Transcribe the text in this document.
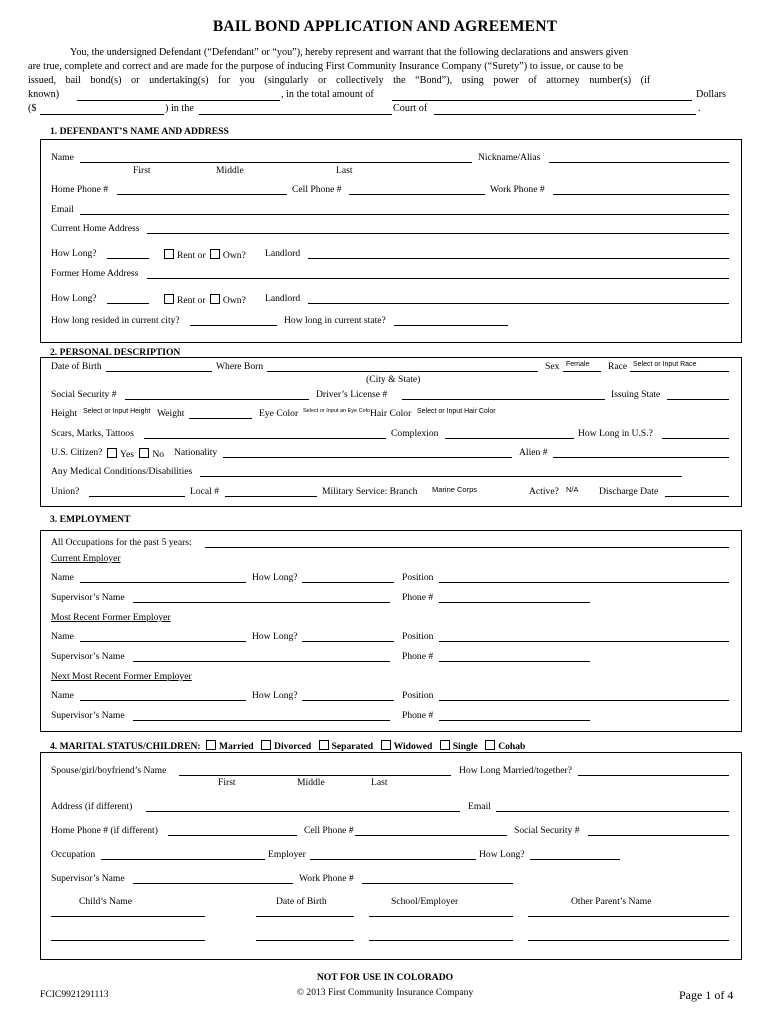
BAIL BOND APPLICATION AND AGREEMENT
You, the undersigned Defendant (“Defendant” or “you”), hereby represent and warrant that the following declarations and answers given
are true, complete and correct and are made for the purpose of inducing First Community Insurance Company (“Surety”) to issue, or cause to be
issued, bail bond(s) or undertaking(s) for you (singularly or collectively the “Bond”), using power of attorney number(s) (if
known)	, in the total amount of	Dollars
($	) in the	Court of	.
1. DEFENDANT’S NAME AND ADDRESS
Name	Nickname/Alias
First	Middle	Last
Home Phone #	Cell Phone #	Work Phone #
Email
Current Home Address
How Long?	Rent or Own? Landlord
Former Home Address
How Long?	Rent or Own? Landlord
How long resided in current city?	How long in current state?
2. PERSONAL DESCRIPTION
Date of Birth	Where Born	Sex Female Race Select or Input Race
(City & State)
Social Security #	Driver’s License #	Issuing State
Height Select or Input Height Weight	Eye Color Select or Input an Eye Colo Hair Color Select or Input Hair Color
Scars, Marks, Tattoos	Complexion	How Long in U.S.?
U.S. Citizen?	Yes No Nationality	Alien #
Any Medical Conditions/Disabilities
Union?	Local #	Military Service: Branch Marine Corps	Active? N/A Discharge Date
3. EMPLOYMENT
All Occupations for the past 5 years:
Current Employer
Name	How Long?	Position
Supervisor’s Name	Phone #
Most Recent Former Employer
Name	How Long?	Position
Supervisor’s Name	Phone #
Next Most Recent Former Employer
Name	How Long?	Position
Supervisor’s Name	Phone #
4. MARITAL STATUS/CHILDREN: Married Divorced Separated Widowed Single Cohab
Spouse/girl/boyfriend’s Name	How Long Married/together?
First	Middle	Last
Address (if different)	Email
Home Phone # (if different)	Cell Phone #	Social Security #
Occupation	Employer	How Long?
Supervisor’s Name	Work Phone #
Child’s Name	Date of Birth	School/Employer	Other Parent’s Name
NOT FOR USE IN COLORADO
© 2013 First Community Insurance Company
FCIC9921291113	Page 1 of 4
